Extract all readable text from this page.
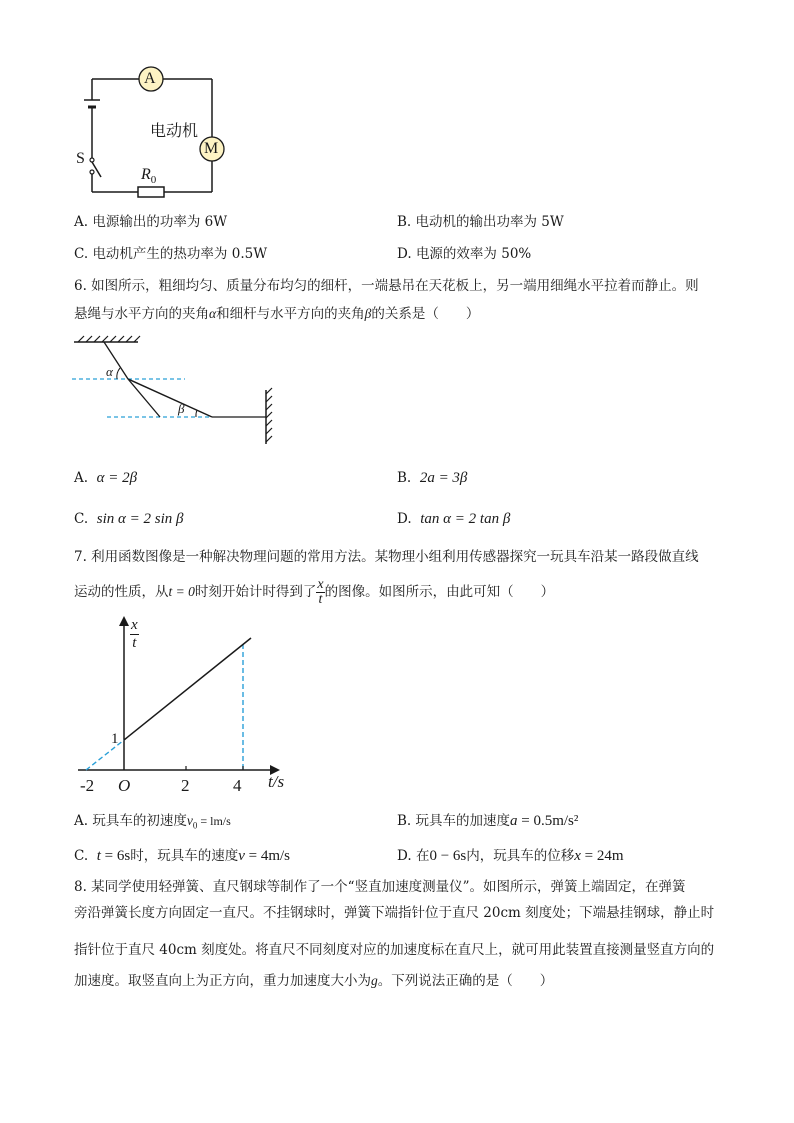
A
M
电动机
S
$R_0$
A. 电源输出的功率为 6W	B. 电动机的输出功率为 5W
C. 电动机产生的热功率为 0.5W	D. 电源的效率为 50%
6. 如图所示，粗细均匀、质量分布均匀的细杆，一端悬吊在天花板上，另一端用细绳水平拉着而静止。则
悬绳与水平方向的夹角α和细杆与水平方向的夹角β的关系是（　　）
α
β
A. α = 2β	B. 2a = 3β
C. sin α = 2 sin β	D. tan α = 2 tan β
7. 利用函数图像是一种解决物理问题的常用方法。某物理小组利用传感器探究一玩具车沿某一路段做直线
运动的性质，从t = 0时刻开始计时得到了 $\frac{x}{t}$ 的图像。如图所示，由此可知（　　）
$\frac{x}{t}$
1
-2 O	2	4 t/s
A. 玩具车的初速度$v_0 = lm/s$	B. 玩具车的加速度a = 0.5m/s²
C. t = 6s时，玩具车的速度v = 4m/s	D. 在0 − 6s内，玩具车的位移x = 24m
8. 某同学使用轻弹簧、直尺钢球等制作了一个“竖直加速度测量仪”。如图所示，弹簧上端固定，在弹簧
旁沿弹簧长度方向固定一直尺。不挂钢球时，弹簧下端指针位于直尺 20cm 刻度处；下端悬挂钢球，静止时
指针位于直尺 40cm 刻度处。将直尺不同刻度对应的加速度标在直尺上，就可用此装置直接测量竖直方向的
加速度。取竖直向上为正方向，重力加速度大小为g。下列说法正确的是（　　）
